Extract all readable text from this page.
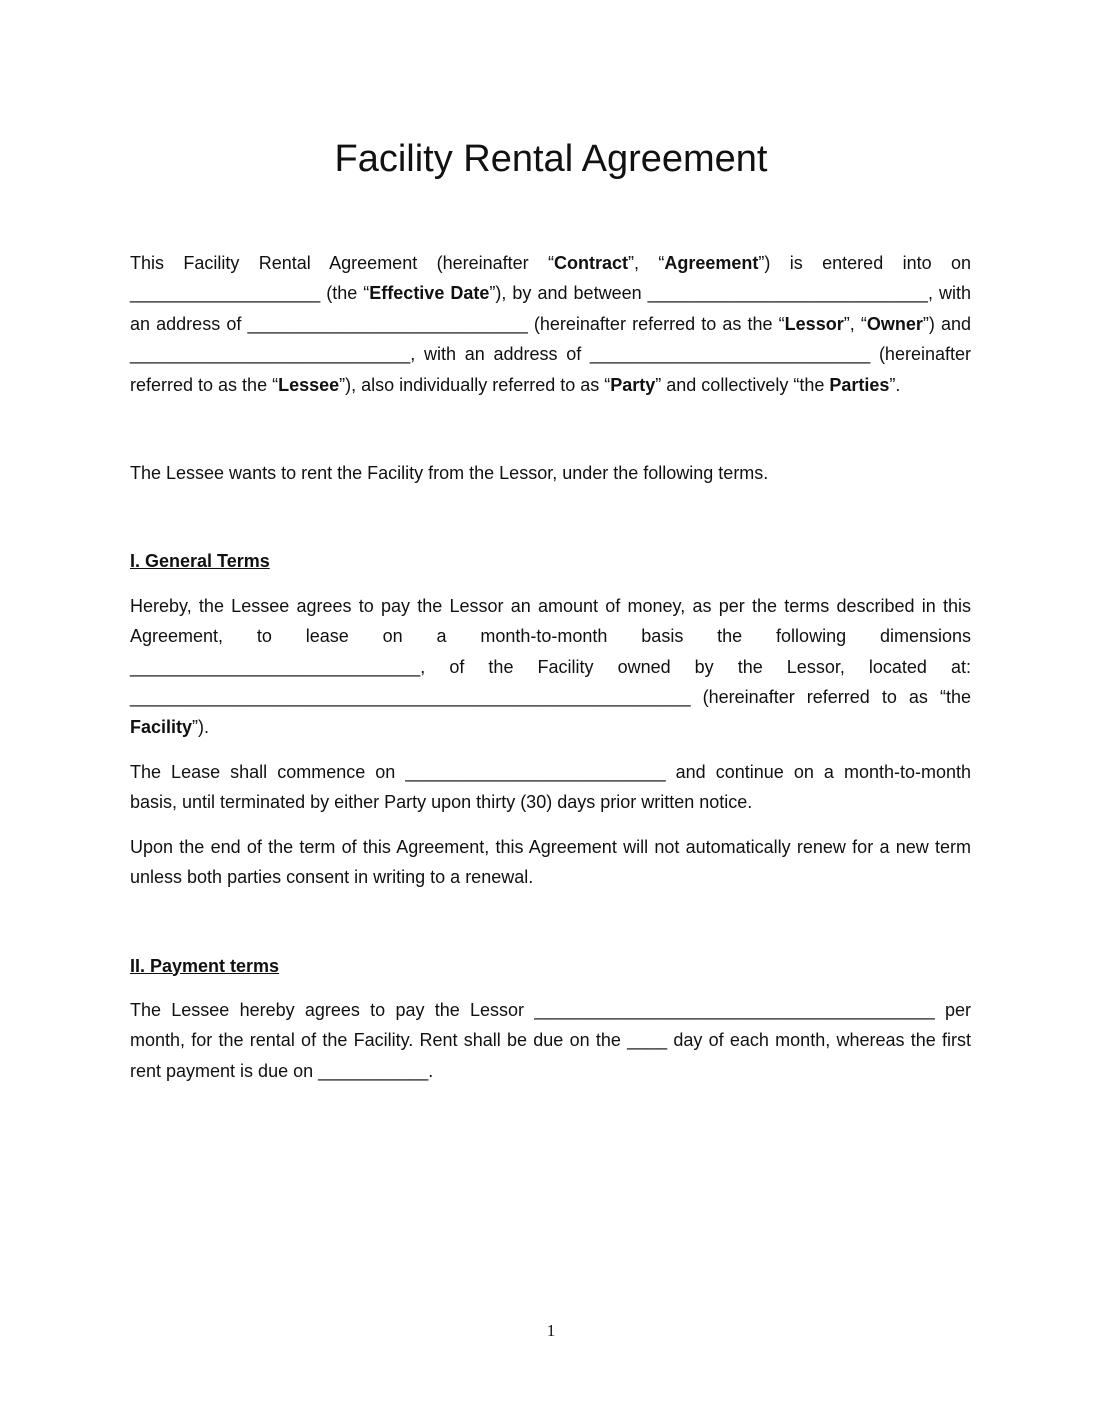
Facility Rental Agreement

This Facility Rental Agreement (hereinafter “Contract”, “Agreement”) is entered into on ___________________ (the “Effective Date”), by and between ____________________________, with an address of ____________________________ (hereinafter referred to as the “Lessor”, “Owner”) and ____________________________, with an address of ____________________________ (hereinafter referred to as the “Lessee”), also individually referred to as “Party” and collectively “the Parties”.

The Lessee wants to rent the Facility from the Lessor, under the following terms.

I. General Terms

Hereby, the Lessee agrees to pay the Lessor an amount of money, as per the terms described in this Agreement, to lease on a month-to-month basis the following dimensions _____________________________, of the Facility owned by the Lessor, located at: ________________________________________________________ (hereinafter referred to as “the Facility”).

The Lease shall commence on __________________________ and continue on a month-to-month basis, until terminated by either Party upon thirty (30) days prior written notice.

Upon the end of the term of this Agreement, this Agreement will not automatically renew for a new term unless both parties consent in writing to a renewal.

II. Payment terms

The Lessee hereby agrees to pay the Lessor ________________________________________ per month, for the rental of the Facility. Rent shall be due on the ____ day of each month, whereas the first rent payment is due on ___________.

1
